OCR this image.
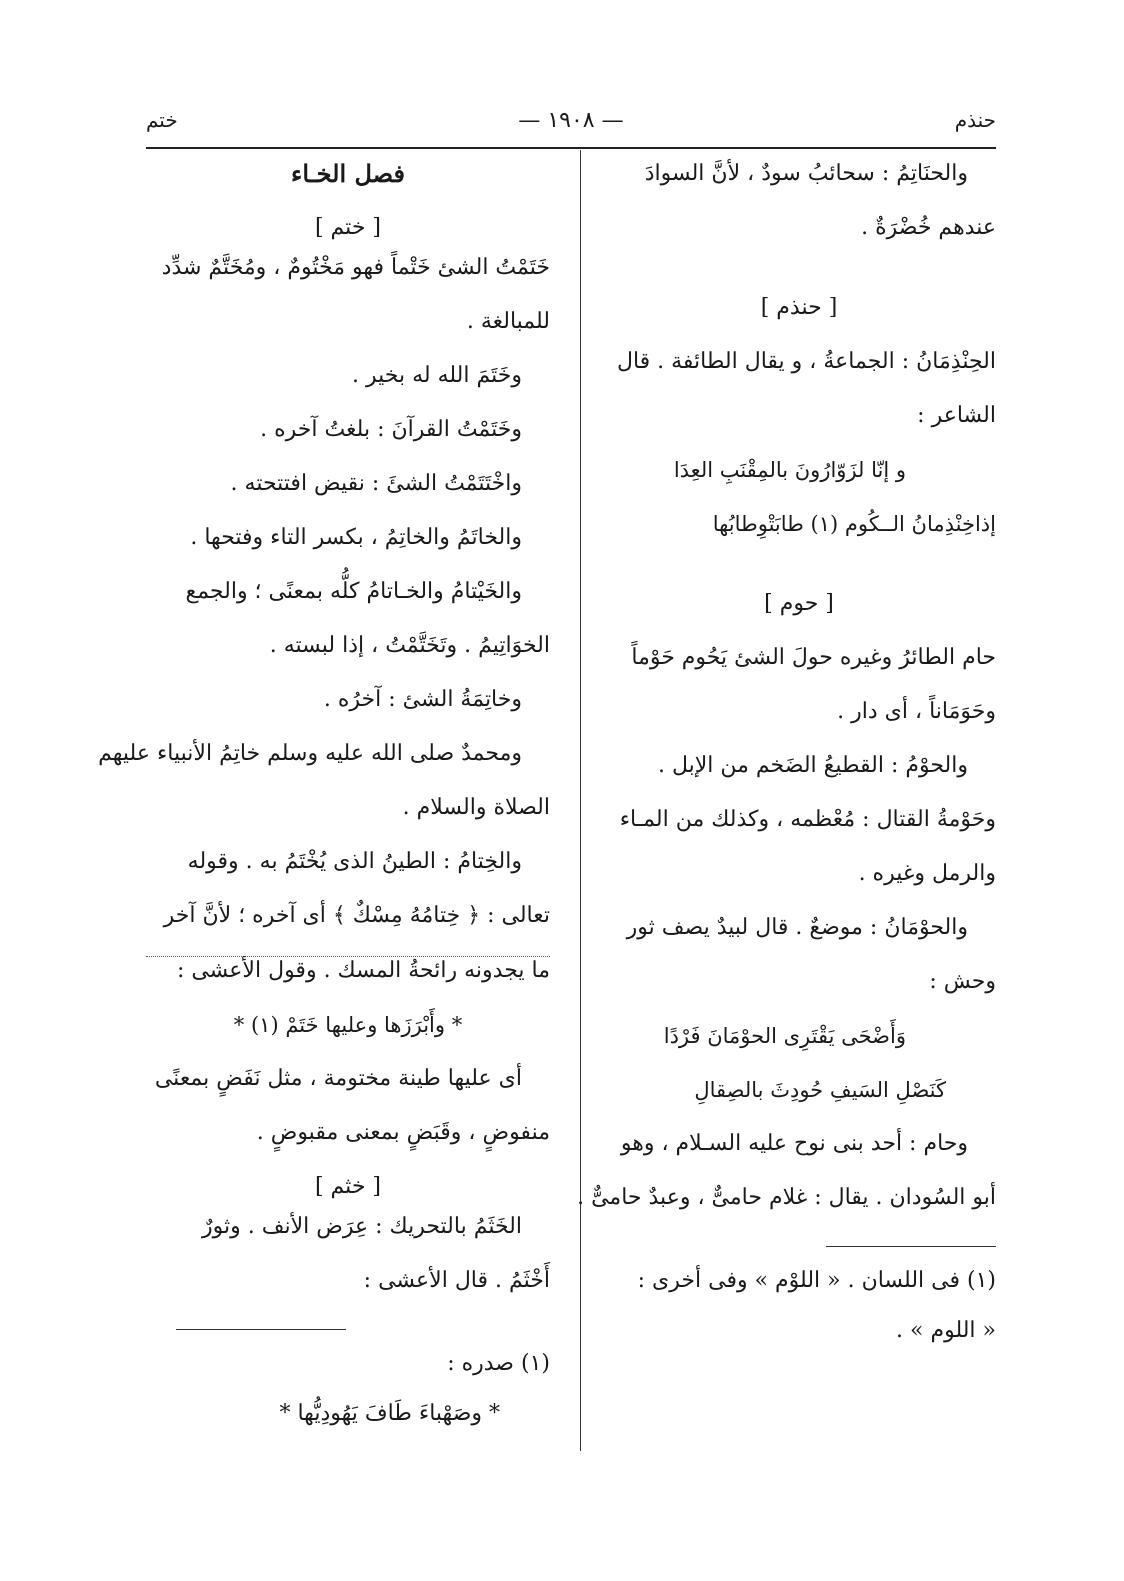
حنذم
— ١٩٠٨ —
ختم
والحنَاتِمُ : سحائبُ سودٌ ، لأنَّ السوادَ
عندهم خُضْرَةٌ .
[ حنذم ]
الحِنْذِمَانُ : الجماعةُ ، و يقال الطائفة . قال
الشاعر :
و إنّا لزَوّارُونَ بالمِقْنَبِ العِدَا
إذاخِنْذِمانُ الــكُوم (١) طابَتْوِطابُها
[ حوم ]
حام الطائرُ وغيره حولَ الشئ يَحُوم حَوْماً
وحَوَمَاناً ، أى دار .
والحوْمُ : القطيعُ الضَخم من الإبل .
وحَوْمةُ القتال : مُعْظمه ، وكذلك من المـاء
والرمل وغيره .
والحوْمَانُ : موضعٌ . قال لبيدٌ يصف ثور
وحش :
وَأَضْحَى يَقْتَرِى الحوْمَانَ فَرْدًا
كَنَصْلِ السَيفِ حُودِثَ بالصِقالِ
وحام : أحد بنى نوح عليه السـلام ، وهو
أبو السُودان . يقال : غلام حامىٌّ ، وعبدٌ حامىٌّ .
(١) فى اللسان . « اللوْم » وفى أخرى :
« اللوم » .
فصل الخـاء
[ ختم ]
خَتَمْتُ الشئ خَتْماً فهو مَخْتُومٌ ، ومُخَتَّمٌ شدِّد
للمبالغة .
وخَتَمَ الله له بخير .
وخَتَمْتُ القرآنَ : بلغتُ آخره .
واخْتَتَمْتُ الشئَ : نقيض افتتحته .
والخاتَمُ والخاتِمُ ، بكسر التاء وفتحها .
والخَيْتامُ والخـاتامُ كلُّه بمعنًى ؛ والجمع
الخوَاتِيمُ . وتَخَتَّمْتُ ، إذا لبسته .
وخاتِمَةُ الشئ : آخرُه .
ومحمدٌ صلى الله عليه وسلم خاتِمُ الأنبياء عليهم
الصلاة والسلام .
والخِتامُ : الطينُ الذى يُخْتَمُ به . وقوله
تعالى : ﴿ خِتامُهُ مِسْكٌ ﴾ أى آخره ؛ لأنَّ آخر
ما يجدونه رائحةُ المسك . وقول الأعشى :
* وأَبْرَزَها وعليها خَتَمْ (١) *
أى عليها طينة مختومة ، مثل نَفَضٍ بمعنًى
منفوضٍ ، وقَبَضٍ بمعنى مقبوضٍ .
[ خثم ]
الخَثَمُ بالتحريك : عِرَض الأنف . وثورٌ
أَخْثَمُ . قال الأعشى :
(١) صدره :
* وصَهْباءَ طَافَ يَهُودِيُّها *
